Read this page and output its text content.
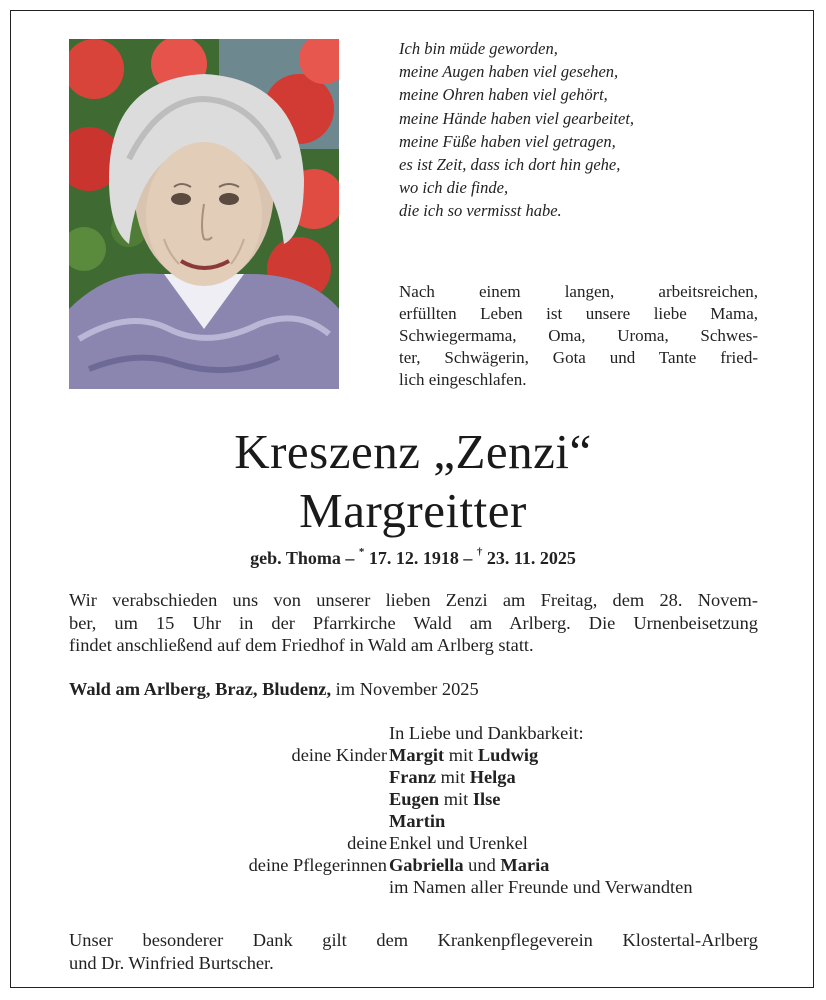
Ich bin müde geworden,
meine Augen haben viel gesehen,
meine Ohren haben viel gehört,
meine Hände haben viel gearbeitet,
meine Füße haben viel getragen,
es ist Zeit, dass ich dort hin gehe,
wo ich die finde,
die ich so vermisst habe.
Nach einem langen, arbeitsreichen,
erfüllten Leben ist unsere liebe Mama,
Schwiegermama, Oma, Uroma, Schwes-
ter, Schwägerin, Gota und Tante fried-
lich eingeschlafen.
Kreszenz „Zenzi“
Margreitter
geb. Thoma – * 17. 12. 1918 – † 23. 11. 2025
Wir verabschieden uns von unserer lieben Zenzi am Freitag, dem 28. Novem-
ber, um 15 Uhr in der Pfarrkirche Wald am Arlberg. Die Urnenbeisetzung
findet anschließend auf dem Friedhof in Wald am Arlberg statt.
Wald am Arlberg, Braz, Bludenz, im November 2025
In Liebe und Dankbarkeit:
deine Kinder Margit mit Ludwig
Franz mit Helga
Eugen mit Ilse
Martin
deine Enkel und Urenkel
deine Pflegerinnen Gabriella und Maria
im Namen aller Freunde und Verwandten
Unser besonderer Dank gilt dem Krankenpflegeverein Klostertal-Arlberg
und Dr. Winfried Burtscher.
